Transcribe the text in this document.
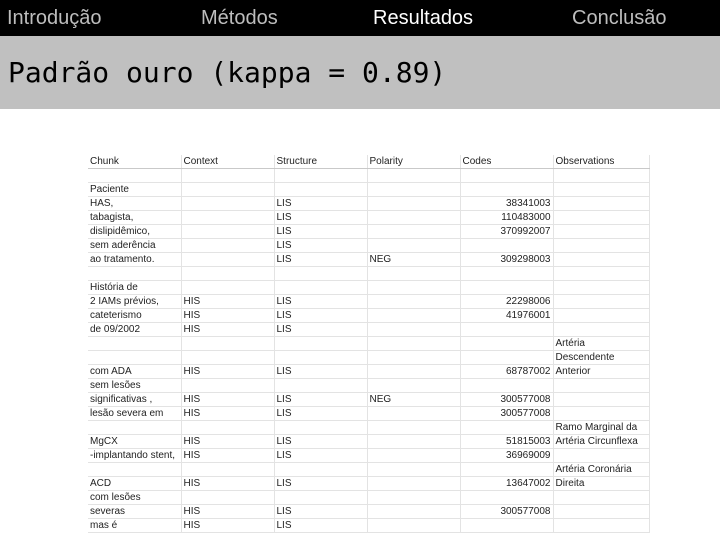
Introdução	Métodos	Resultados	Conclusão
Padrão ouro (kappa = 0.89)
Chunk	Context	Structure	Polarity	Codes	Observations

Paciente					
HAS,		LIS		38341003	
tabagista,		LIS		110483000	
dislipidêmico,		LIS		370992007	
sem aderência		LIS			
ao tratamento.		LIS	NEG	309298003	

História de					
2 IAMs prévios,	HIS	LIS		22298006	
cateterismo	HIS	LIS		41976001	
de 09/2002	HIS	LIS			
					Artéria
					Descendente
com ADA	HIS	LIS		68787002	Anterior
sem lesões					
significativas ,	HIS	LIS	NEG	300577008	
lesão severa em	HIS	LIS		300577008	
					Ramo Marginal da
MgCX	HIS	LIS		51815003	Artéria Circunflexa
-implantando stent,	HIS	LIS		36969009	
					Artéria Coronária
ACD	HIS	LIS		13647002	Direita
com lesões					
severas	HIS	LIS		300577008	
mas é	HIS	LIS			
